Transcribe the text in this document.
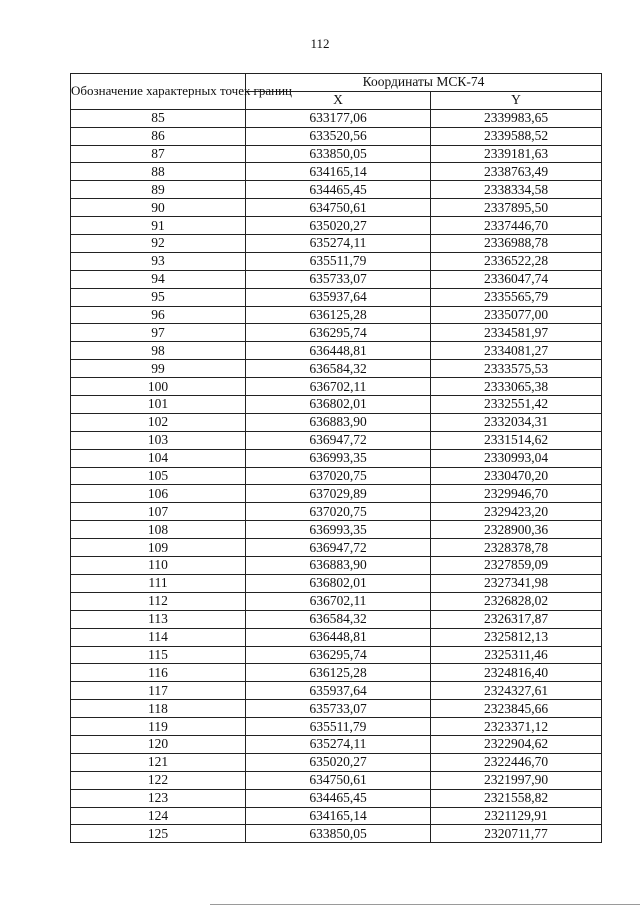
112
Обозначение характерных точек границ	Координаты МСК-74	
	X	Y
85	633177,06	2339983,65
86	633520,56	2339588,52
87	633850,05	2339181,63
88	634165,14	2338763,49
89	634465,45	2338334,58
90	634750,61	2337895,50
91	635020,27	2337446,70
92	635274,11	2336988,78
93	635511,79	2336522,28
94	635733,07	2336047,74
95	635937,64	2335565,79
96	636125,28	2335077,00
97	636295,74	2334581,97
98	636448,81	2334081,27
99	636584,32	2333575,53
100	636702,11	2333065,38
101	636802,01	2332551,42
102	636883,90	2332034,31
103	636947,72	2331514,62
104	636993,35	2330993,04
105	637020,75	2330470,20
106	637029,89	2329946,70
107	637020,75	2329423,20
108	636993,35	2328900,36
109	636947,72	2328378,78
110	636883,90	2327859,09
111	636802,01	2327341,98
112	636702,11	2326828,02
113	636584,32	2326317,87
114	636448,81	2325812,13
115	636295,74	2325311,46
116	636125,28	2324816,40
117	635937,64	2324327,61
118	635733,07	2323845,66
119	635511,79	2323371,12
120	635274,11	2322904,62
121	635020,27	2322446,70
122	634750,61	2321997,90
123	634465,45	2321558,82
124	634165,14	2321129,91
125	633850,05	2320711,77
